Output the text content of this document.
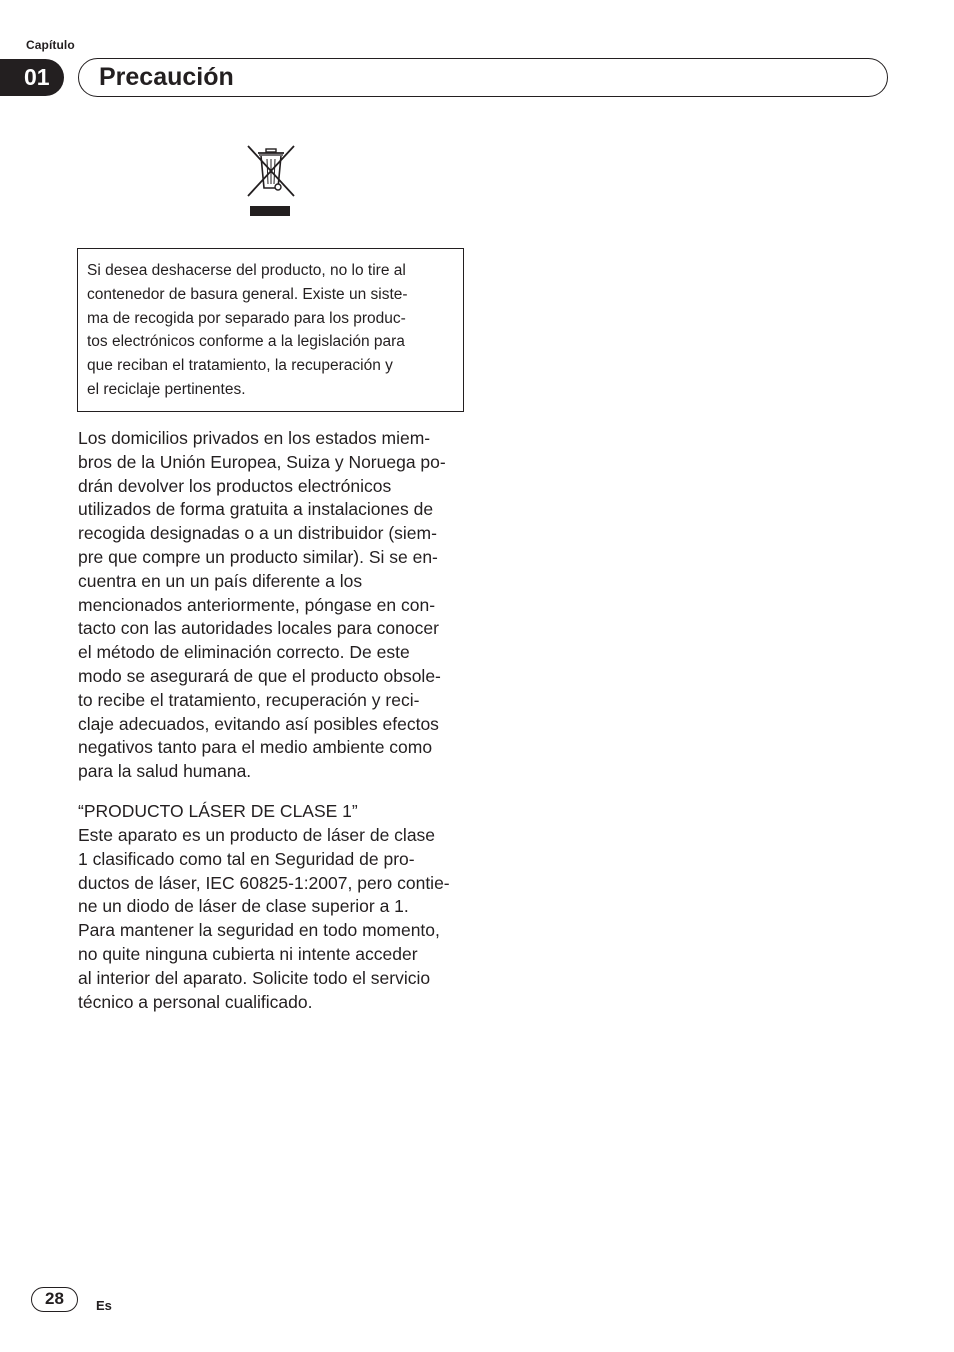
Capítulo
01	Precaución

Si desea deshacerse del producto, no lo tire al
contenedor de basura general. Existe un siste-
ma de recogida por separado para los produc-
tos electrónicos conforme a la legislación para
que reciban el tratamiento, la recuperación y
el reciclaje pertinentes.

Los domicilios privados en los estados miem-
bros de la Unión Europea, Suiza y Noruega po-
drán devolver los productos electrónicos
utilizados de forma gratuita a instalaciones de
recogida designadas o a un distribuidor (siem-
pre que compre un producto similar). Si se en-
cuentra en un un país diferente a los
mencionados anteriormente, póngase en con-
tacto con las autoridades locales para conocer
el método de eliminación correcto. De este
modo se asegurará de que el producto obsole-
to recibe el tratamiento, recuperación y reci-
claje adecuados, evitando así posibles efectos
negativos tanto para el medio ambiente como
para la salud humana.

“PRODUCTO LÁSER DE CLASE 1”

Este aparato es un producto de láser de clase
1 clasificado como tal en Seguridad de pro-
ductos de láser, IEC 60825-1:2007, pero contie-
ne un diodo de láser de clase superior a 1.
Para mantener la seguridad en todo momento,
no quite ninguna cubierta ni intente acceder
al interior del aparato. Solicite todo el servicio
técnico a personal cualificado.

28	Es
